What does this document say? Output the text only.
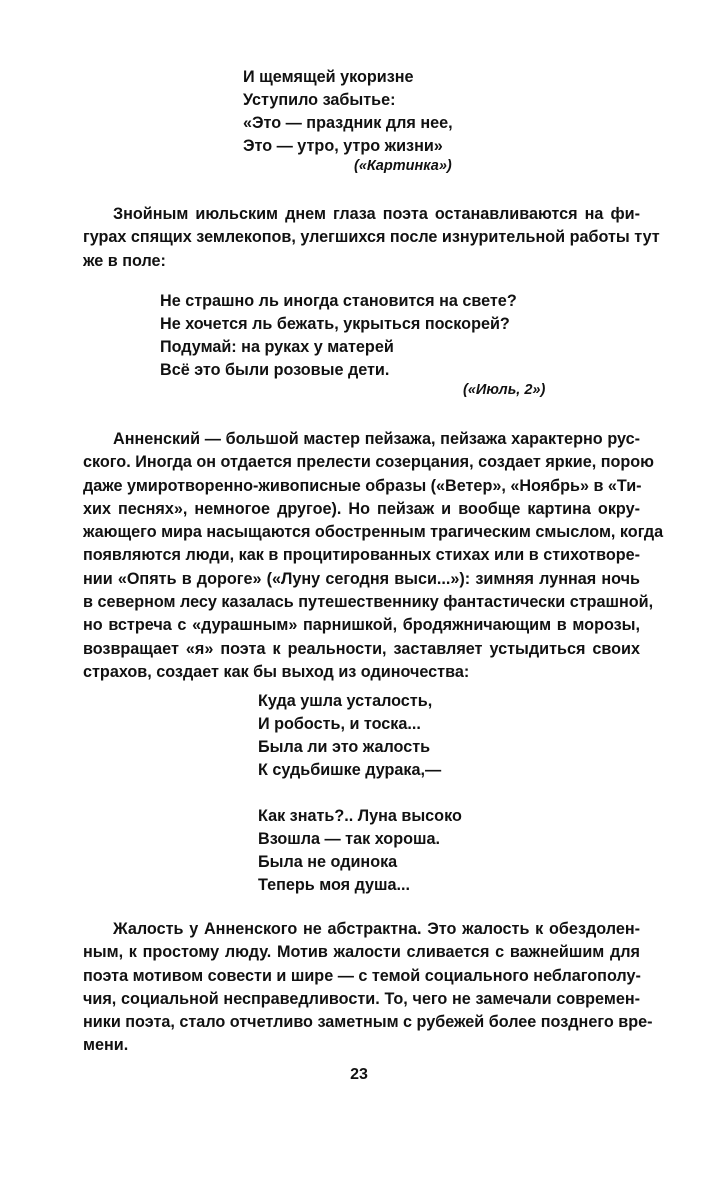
И щемящей укоризне
Уступило забытье:
«Это — праздник для нее,
Это — утро, утро жизни»
(«Картинка»)
Знойным июльским днем глаза поэта останавливаются на фи-
гурах спящих землекопов, улегшихся после изнурительной работы тут
же в поле:
Не страшно ль иногда становится на свете?
Не хочется ль бежать, укрыться поскорей?
Подумай: на руках у матерей
Всё это были розовые дети.
(«Июль, 2»)
Анненский — большой мастер пейзажа, пейзажа характерно рус-
ского. Иногда он отдается прелести созерцания, создает яркие, порою
даже умиротворенно-живописные образы («Ветер», «Ноябрь» в «Ти-
хих песнях», немногое другое). Но пейзаж и вообще картина окру-
жающего мира насыщаются обостренным трагическим смыслом, когда
появляются люди, как в процитированных стихах или в стихотворе-
нии «Опять в дороге» («Луну сегодня выси...»): зимняя лунная ночь
в северном лесу казалась путешественнику фантастически страшной,
но встреча с «дурашным» парнишкой, бродяжничающим в морозы,
возвращает «я» поэта к реальности, заставляет устыдиться своих
страхов, создает как бы выход из одиночества:
Куда ушла усталость,
И робость, и тоска...
Была ли это жалость
К судьбишке дурака,—
Как знать?.. Луна высоко
Взошла — так хороша.
Была не одинока
Теперь моя душа...
Жалость у Анненского не абстрактна. Это жалость к обездолен-
ным, к простому люду. Мотив жалости сливается с важнейшим для
поэта мотивом совести и шире — с темой социального неблагополу-
чия, социальной несправедливости. То, чего не замечали современ-
ники поэта, стало отчетливо заметным с рубежей более позднего вре-
мени.
23
